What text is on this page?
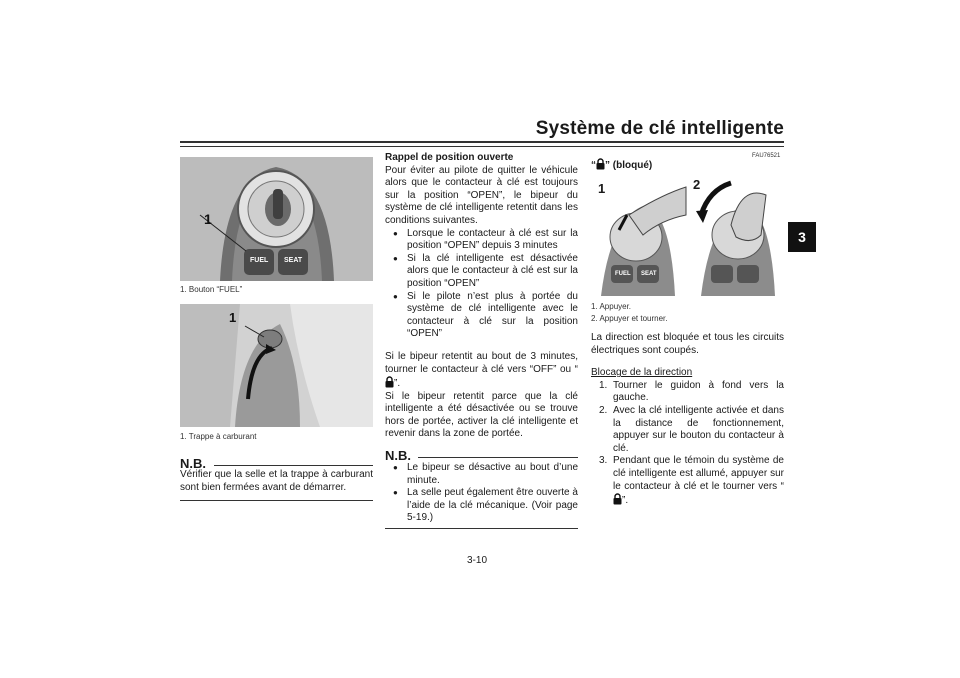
Système de clé intelligente
3
1
FUEL SEAT
1. Bouton “FUEL”
1
1. Trappe à carburant
N.B.
Vérifier que la selle et la trappe à carburant sont bien fermées avant de démarrer.
Rappel de position ouverte
Pour éviter au pilote de quitter le véhicule alors que le contacteur à clé est toujours sur la position “OPEN”, le bipeur du système de clé intelligente retentit dans les conditions suivantes.
● Lorsque le contacteur à clé est sur la position “OPEN” depuis 3 minutes
● Si la clé intelligente est désactivée alors que le contacteur à clé est sur la position “OPEN”
● Si le pilote n’est plus à portée du système de clé intelligente avec le contacteur à clé sur la position “OPEN”
Si le bipeur retentit au bout de 3 minutes, tourner le contacteur à clé vers “OFF” ou “”.
Si le bipeur retentit parce que la clé intelligente a été désactivée ou se trouve hors de portée, activer la clé intelligente et revenir dans la zone de portée.
N.B.
● Le bipeur se désactive au bout d’une minute.
● La selle peut également être ouverte à l’aide de la clé mécanique. (Voir page 5-19.)
FAU76521
“ ” (bloqué)
1	2
FUEL SEAT
1. Appuyer.
2. Appuyer et tourner.
La direction est bloquée et tous les circuits électriques sont coupés.
Blocage de la direction
1. Tourner le guidon à fond vers la gauche.
2. Avec la clé intelligente activée et dans la distance de fonctionnement, appuyer sur le bouton du contacteur à clé.
3. Pendant que le témoin du système de clé intelligente est allumé, appuyer sur le contacteur à clé et le tourner vers “”.
3-10
